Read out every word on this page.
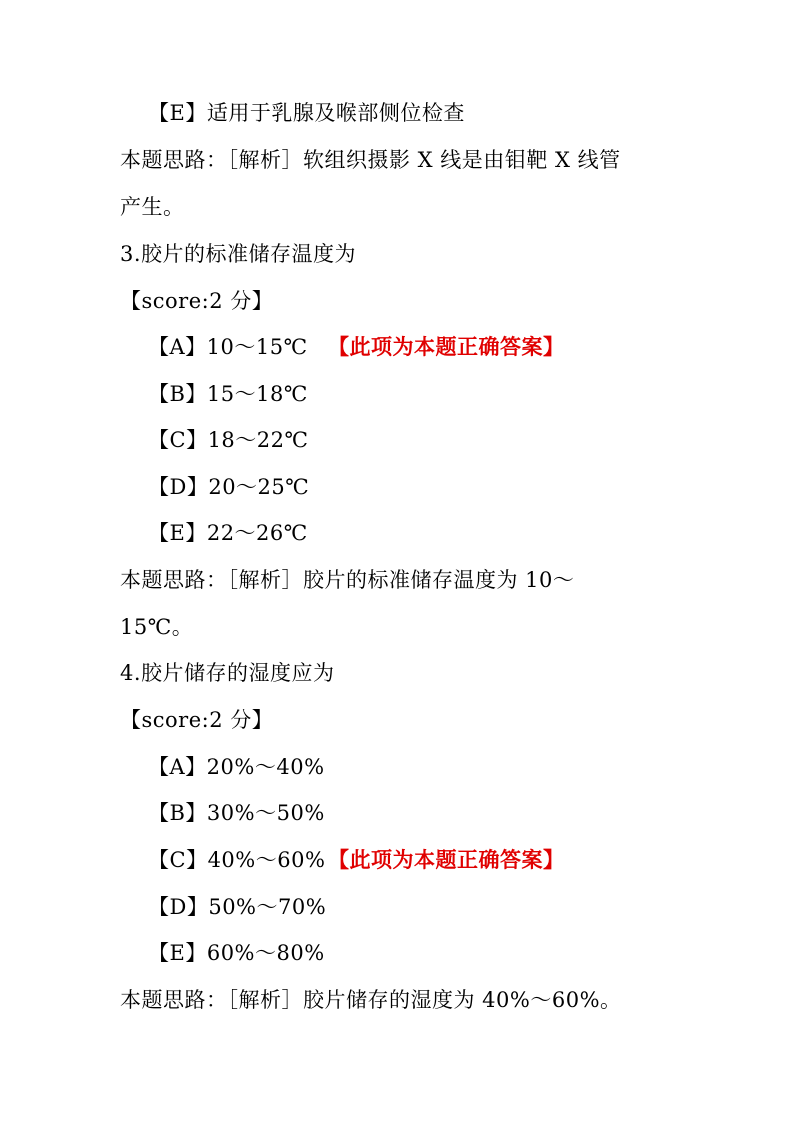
【E】适用于乳腺及喉部侧位检查
本题思路：［解析］软组织摄影 X 线是由钼靶 X 线管
产生。
3.胶片的标准储存温度为
【score:2 分】
【A】10～15℃ 【此项为本题正确答案】
【B】15～18℃
【C】18～22℃
【D】20～25℃
【E】22～26℃
本题思路：［解析］胶片的标准储存温度为 10～
15℃。
4.胶片储存的湿度应为
【score:2 分】
【A】20%～40%
【B】30%～50%
【C】40%～60% 【此项为本题正确答案】
【D】50%～70%
【E】60%～80%
本题思路：［解析］胶片储存的湿度为 40%～60%。
